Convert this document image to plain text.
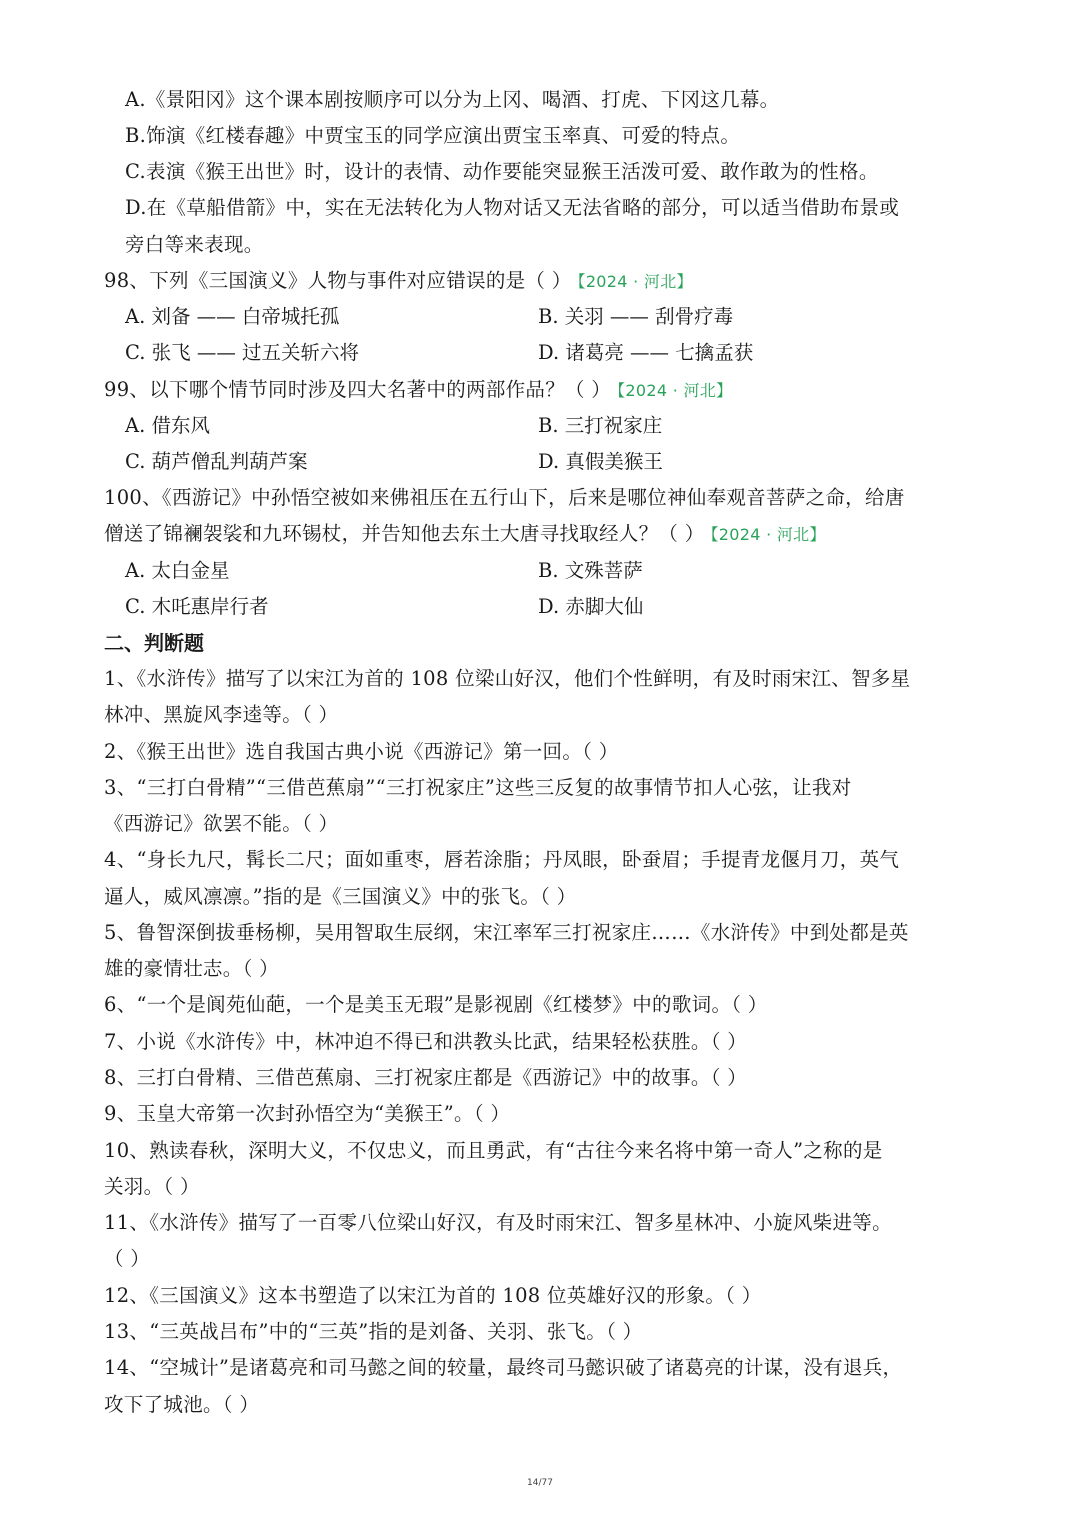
A.《景阳冈》这个课本剧按顺序可以分为上冈、喝酒、打虎、下冈这几幕。
B.饰演《红楼春趣》中贾宝玉的同学应演出贾宝玉率真、可爱的特点。
C.表演《猴王出世》时，设计的表情、动作要能突显猴王活泼可爱、敢作敢为的性格。
D.在《草船借箭》中，实在无法转化为人物对话又无法省略的部分，可以适当借助布景或
旁白等来表现。
98、下列《三国演义》人物与事件对应错误的是（ ） 【2024 · 河北】
A. 刘备 —— 白帝城托孤	B. 关羽 —— 刮骨疗毒
C. 张飞 —— 过五关斩六将	D. 诸葛亮 —— 七擒孟获
99、以下哪个情节同时涉及四大名著中的两部作品？（ ） 【2024 · 河北】
A. 借东风	B. 三打祝家庄
C. 葫芦僧乱判葫芦案	D. 真假美猴王
100、《西游记》中孙悟空被如来佛祖压在五行山下，后来是哪位神仙奉观音菩萨之命，给唐
僧送了锦襕袈裟和九环锡杖，并告知他去东土大唐寻找取经人？（ ） 【2024 · 河北】
A. 太白金星	B. 文殊菩萨
C. 木吒惠岸行者	D. 赤脚大仙
二、判断题
1、《水浒传》描写了以宋江为首的 108 位梁山好汉，他们个性鲜明，有及时雨宋江、智多星
林冲、黑旋风李逵等。（ ）
2、《猴王出世》选自我国古典小说《西游记》第一回。（ ）
3、“三打白骨精”“三借芭蕉扇”“三打祝家庄”这些三反复的故事情节扣人心弦，让我对
《西游记》欲罢不能。（ ）
4、“身长九尺，髯长二尺；面如重枣，唇若涂脂；丹凤眼，卧蚕眉；手提青龙偃月刀，英气
逼人，威风凛凛。”指的是《三国演义》中的张飞。（ ）
5、鲁智深倒拔垂杨柳，吴用智取生辰纲，宋江率军三打祝家庄……《水浒传》中到处都是英
雄的豪情壮志。（ ）
6、“一个是阆苑仙葩，一个是美玉无瑕”是影视剧《红楼梦》中的歌词。（ ）
7、小说《水浒传》中，林冲迫不得已和洪教头比武，结果轻松获胜。（ ）
8、三打白骨精、三借芭蕉扇、三打祝家庄都是《西游记》中的故事。（ ）
9、玉皇大帝第一次封孙悟空为“美猴王”。（ ）
10、熟读春秋，深明大义，不仅忠义，而且勇武，有“古往今来名将中第一奇人”之称的是
关羽。（ ）
11、《水浒传》描写了一百零八位梁山好汉，有及时雨宋江、智多星林冲、小旋风柴进等。
（ ）
12、《三国演义》这本书塑造了以宋江为首的 108 位英雄好汉的形象。（ ）
13、“三英战吕布”中的“三英”指的是刘备、关羽、张飞。（ ）
14、“空城计”是诸葛亮和司马懿之间的较量，最终司马懿识破了诸葛亮的计谋，没有退兵，
攻下了城池。（ ）
14/77
